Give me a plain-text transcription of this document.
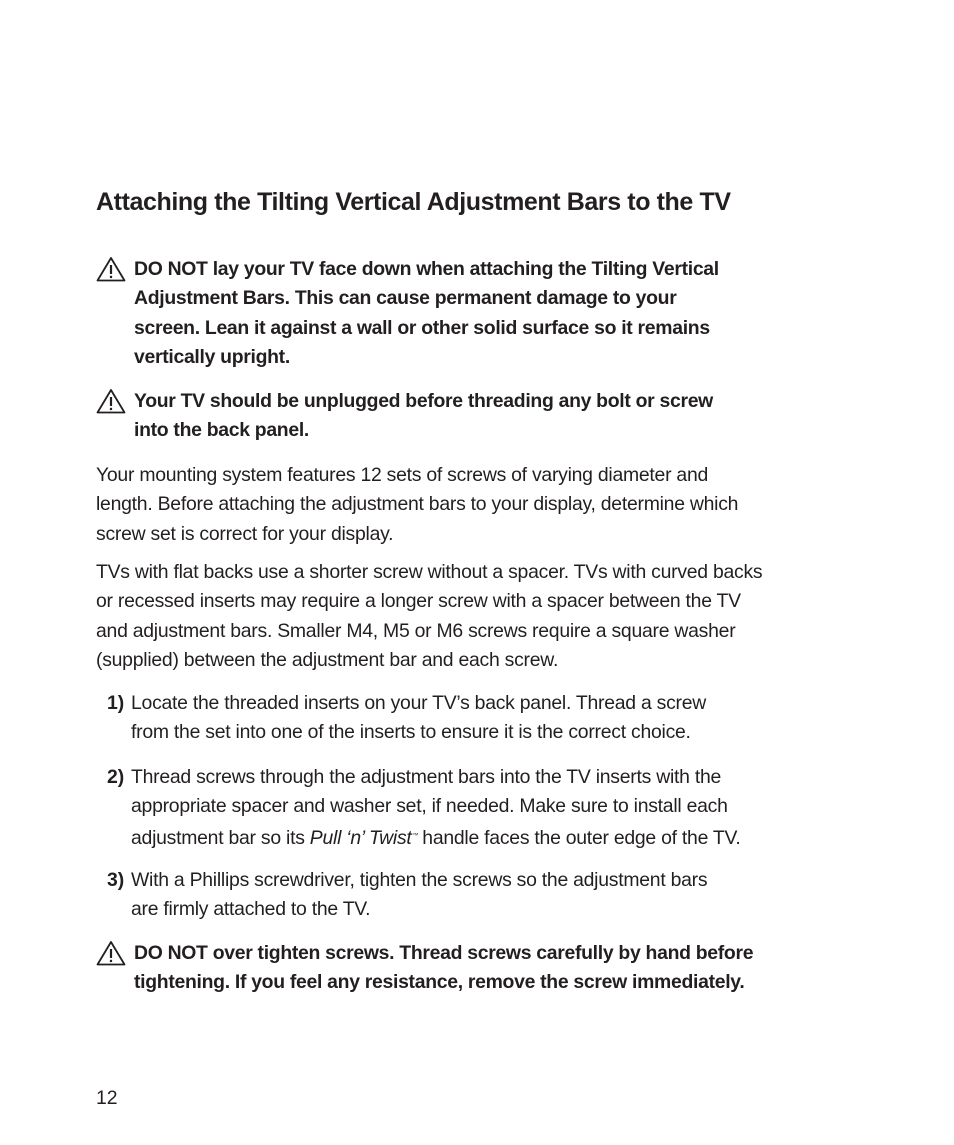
Attaching the Tilting Vertical Adjustment Bars to the TV
DO NOT lay your TV face down when attaching the Tilting Vertical
Adjustment Bars. This can cause permanent damage to your
screen. Lean it against a wall or other solid surface so it remains
vertically upright.
Your TV should be unplugged before threading any bolt or screw
into the back panel.
Your mounting system features 12 sets of screws of varying diameter and
length. Before attaching the adjustment bars to your display, determine which
screw set is correct for your display.
TVs with flat backs use a shorter screw without a spacer. TVs with curved backs
or recessed inserts may require a longer screw with a spacer between the TV
and adjustment bars. Smaller M4, M5 or M6 screws require a square washer
(supplied) between the adjustment bar and each screw.
1) Locate the threaded inserts on your TV’s back panel. Thread a screw
from the set into one of the inserts to ensure it is the correct choice.
2) Thread screws through the adjustment bars into the TV inserts with the
appropriate spacer and washer set, if needed. Make sure to install each
adjustment bar so its Pull ‘n’ Twist™ handle faces the outer edge of the TV.
3) With a Phillips screwdriver, tighten the screws so the adjustment bars
are firmly attached to the TV.
DO NOT over tighten screws. Thread screws carefully by hand before
tightening. If you feel any resistance, remove the screw immediately.
12
